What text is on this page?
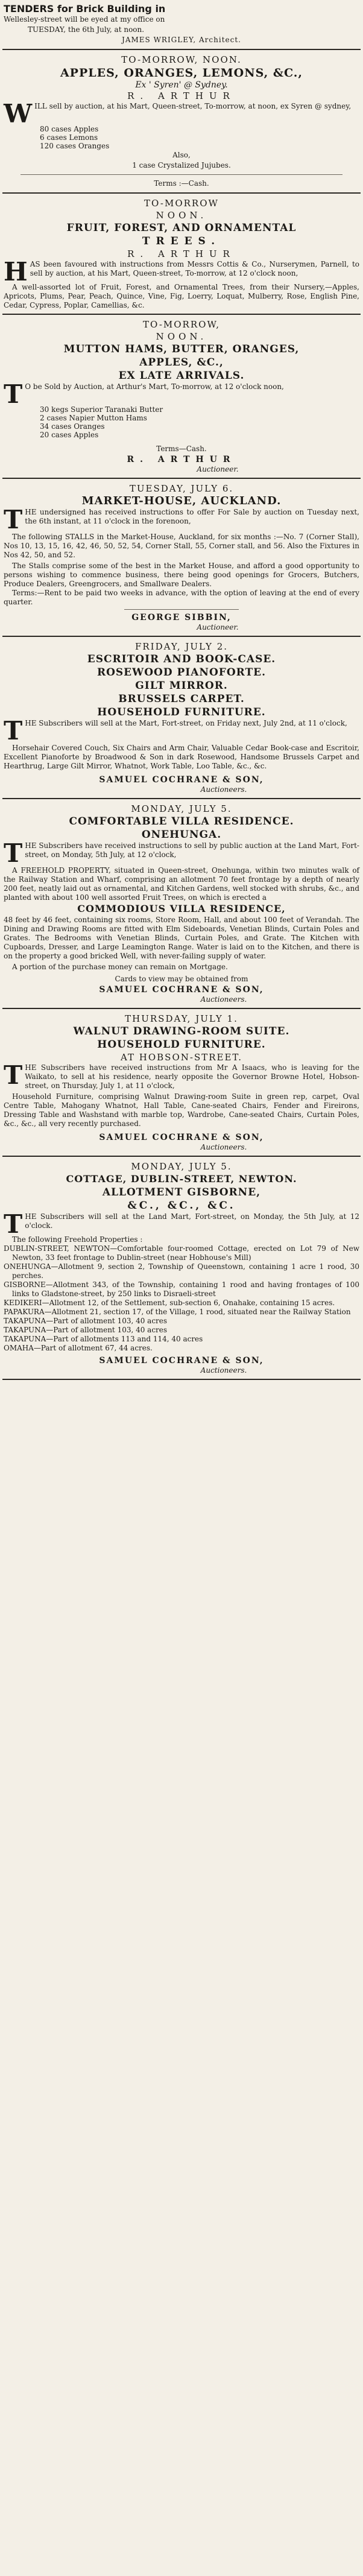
TENDERS for Brick Building in
Wellesley-street will be eyed at my office on
TUESDAY, the 6th July, at noon.
JAMES WRIGLEY, Architect.
TO-MORROW, NOON.
APPLES, ORANGES, LEMONS, &C.,
Ex ' Syren' @ Sydney.
R. ARTHUR
W ILL sell by auction, at his Mart, Queen-street, To-morrow, at noon, ex Syren @ sydney,
80 cases Apples
6 cases Lemons
120 cases Oranges
Also,
1 case Crystalized Jujubes.
Terms :—Cash.
TO-MORROW
NOON.
FRUIT, FOREST, AND ORNAMENTAL
TREES.
R. ARTHUR
H AS been favoured with instructions from Messrs Cottis & Co., Nurserymen, Parnell, to sell by auction, at his Mart, Queen-street, To-morrow, at 12 o'clock noon,
A well-assorted lot of Fruit, Forest, and Ornamental Trees, from their Nursery,—Apples, Apricots, Plums, Pear, Peach, Quince, Vine, Fig, Loerry, Loquat, Mulberry, Rose, English Pine, Cedar, Cypress, Poplar, Camellias, &c.
TO-MORROW,
NOON.
MUTTON HAMS, BUTTER, ORANGES,
APPLES, &C.,
EX LATE ARRIVALS.
T O be Sold by Auction, at Arthur's Mart, To-morrow, at 12 o'clock noon,
30 kegs Superior Taranaki Butter
2 cases Napier Mutton Hams
34 cases Oranges
20 cases Apples
Terms—Cash.
R. ARTHUR
Auctioneer.
TUESDAY, JULY 6.
MARKET-HOUSE, AUCKLAND.
T HE undersigned has received instructions to offer For Sale by auction on Tuesday next, the 6th instant, at 11 o'clock in the forenoon,
The following STALLS in the Market-House, Auckland, for six months :—No. 7 (Corner Stall), Nos 10, 13, 15, 16, 42, 46, 50, 52, 54, Corner Stall, 55, Corner stall, and 56. Also the Fixtures in Nos 42, 50, and 52.
The Stalls comprise some of the best in the Market House, and afford a good opportunity to persons wishing to commence business, there being good openings for Grocers, Butchers, Produce Dealers, Greengrocers, and Smallware Dealers.
Terms:—Rent to be paid two weeks in advance, with the option of leaving at the end of every quarter.
GEORGE SIBBIN,
Auctioneer.
FRIDAY, JULY 2.
ESCRITOIR AND BOOK-CASE.
ROSEWOOD PIANOFORTE.
GILT MIRROR.
BRUSSELS CARPET.
HOUSEHOLD FURNITURE.
T HE Subscribers will sell at the Mart, Fort-street, on Friday next, July 2nd, at 11 o'clock,
Horsehair Covered Couch, Six Chairs and Arm Chair, Valuable Cedar Book-case and Escritoir, Excellent Pianoforte by Broadwood & Son in dark Rosewood, Handsome Brussels Carpet and Hearthrug, Large Gilt Mirror, Whatnot, Work Table, Loo Table, &c., &c.
SAMUEL COCHRANE & SON,
Auctioneers.
MONDAY, JULY 5.
COMFORTABLE VILLA RESIDENCE.
ONEHUNGA.
T HE Subscribers have received instructions to sell by public auction at the Land Mart, Fort-street, on Monday, 5th July, at 12 o'clock,
A FREEHOLD PROPERTY, situated in Queen-street, Onehunga, within two minutes walk of the Railway Station and Wharf, comprising an allotment 70 feet frontage by a depth of nearly 200 feet, neatly laid out as ornamental, and Kitchen Gardens, well stocked with shrubs, &c., and planted with about 100 well assorted Fruit Trees, on which is erected a
COMMODIOUS VILLA RESIDENCE,
48 feet by 46 feet, containing six rooms, Store Room, Hall, and about 100 feet of Verandah. The Dining and Drawing Rooms are fitted with Elm Sideboards, Venetian Blinds, Curtain Poles and Grates. The Bedrooms with Venetian Blinds, Curtain Poles, and Grate. The Kitchen with Cupboards, Dresser, and Large Leamington Range. Water is laid on to the Kitchen, and there is on the property a good bricked Well, with never-failing supply of water.
A portion of the purchase money can remain on Mortgage.
Cards to view may be obtained from
SAMUEL COCHRANE & SON,
Auctioneers.
THURSDAY, JULY 1.
WALNUT DRAWING-ROOM SUITE.
HOUSEHOLD FURNITURE.
AT HOBSON-STREET.
T HE Subscribers have received instructions from Mr A Isaacs, who is leaving for the Waikato, to sell at his residence, nearly opposite the Governor Browne Hotel, Hobson-street, on Thursday, July 1, at 11 o'clock,
Household Furniture, comprising Walnut Drawing-room Suite in green rep, carpet, Oval Centre Table, Mahogany Whatnot, Hall Table, Cane-seated Chairs, Fender and Fireirons, Dressing Table and Washstand with marble top, Wardrobe, Cane-seated Chairs, Curtain Poles, &c., &c., all very recently purchased.
SAMUEL COCHRANE & SON,
Auctioneers.
MONDAY, JULY 5.
COTTAGE, DUBLIN-STREET, NEWTON.
ALLOTMENT GISBORNE,
&C., &C., &C.
T HE Subscribers will sell at the Land Mart, Fort-street, on Monday, the 5th July, at 12 o'clock.
The following Freehold Properties :
DUBLIN-STREET, NEWTON—Comfortable four-roomed Cottage, erected on Lot 79 of New Newton, 33 feet frontage to Dublin-street (near Hobhouse's Mill)
ONEHUNGA—Allotment 9, section 2, Township of Queenstown, containing 1 acre 1 rood, 30 perches.
GISBORNE—Allotment 343, of the Township, containing 1 rood and having frontages of 100 links to Gladstone-street, by 250 links to Disraeli-street
KEDIKERI—Allotment 12, of the Settlement, sub-section 6, Onahake, containing 15 acres.
PAPAKURA—Allotment 21, section 17, of the Village, 1 rood, situated near the Railway Station
TAKAPUNA—Part of allotment 103, 40 acres
TAKAPUNA—Part of allotment 103, 40 acres
TAKAPUNA—Part of allotments 113 and 114, 40 acres
OMAHA—Part of allotment 67, 44 acres.
SAMUEL COCHRANE & SON,
Auctioneers.
